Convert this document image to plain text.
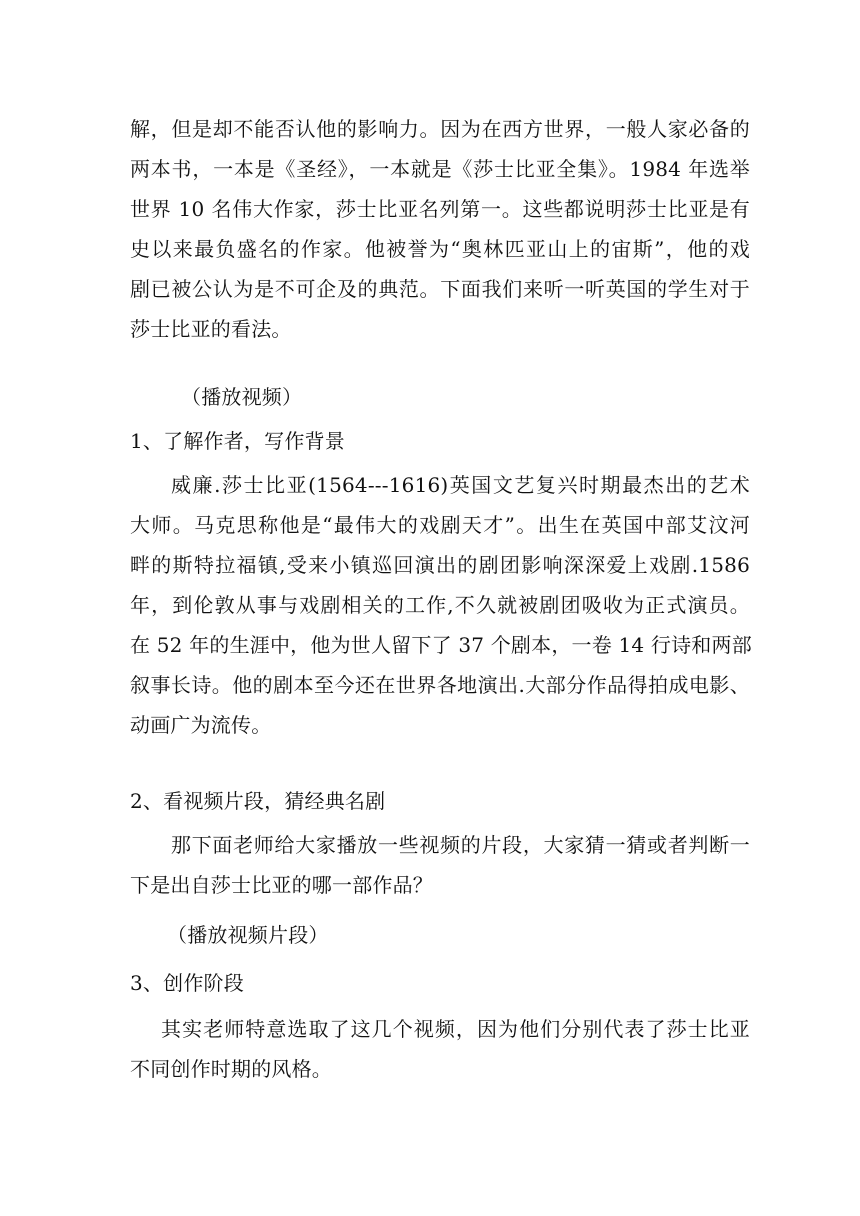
解，但是却不能否认他的影响力。因为在西方世界，一般人家必备的
两本书，一本是《圣经》，一本就是《莎士比亚全集》。1984 年选举
世界 10 名伟大作家，莎士比亚名列第一。这些都说明莎士比亚是有
史以来最负盛名的作家。他被誉为“奥林匹亚山上的宙斯”，他的戏
剧已被公认为是不可企及的典范。下面我们来听一听英国的学生对于
莎士比亚的看法。
（播放视频）
1、了解作者，写作背景
威廉.莎士比亚(1564---1616)英国文艺复兴时期最杰出的艺术
大师。马克思称他是“最伟大的戏剧天才”。出生在英国中部艾汶河
畔的斯特拉福镇,受来小镇巡回演出的剧团影响深深爱上戏剧.1586
年，到伦敦从事与戏剧相关的工作,不久就被剧团吸收为正式演员。
在 52 年的生涯中，他为世人留下了 37 个剧本，一卷 14 行诗和两部
叙事长诗。他的剧本至今还在世界各地演出.大部分作品得拍成电影、
动画广为流传。
2、看视频片段，猜经典名剧
那下面老师给大家播放一些视频的片段，大家猜一猜或者判断一
下是出自莎士比亚的哪一部作品？
（播放视频片段）
3、创作阶段
其实老师特意选取了这几个视频，因为他们分别代表了莎士比亚
不同创作时期的风格。
